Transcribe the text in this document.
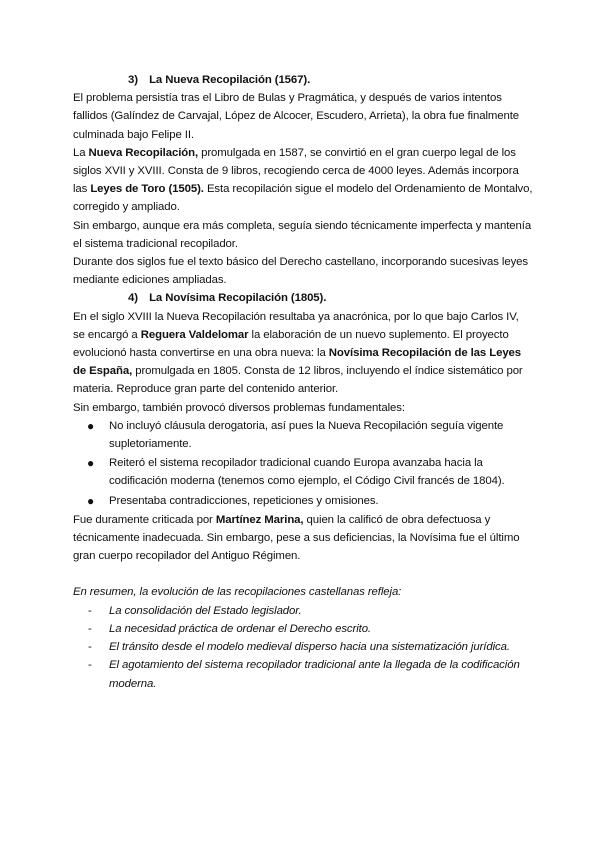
3) La Nueva Recopilación (1567).

El problema persistía tras el Libro de Bulas y Pragmática, y después de varios intentos fallidos (Galíndez de Carvajal, López de Alcocer, Escudero, Arrieta), la obra fue finalmente culminada bajo Felipe II.

La Nueva Recopilación, promulgada en 1587, se convirtió en el gran cuerpo legal de los siglos XVII y XVIII. Consta de 9 libros, recogiendo cerca de 4000 leyes. Además incorpora las Leyes de Toro (1505). Esta recopilación sigue el modelo del Ordenamiento de Montalvo, corregido y ampliado.

Sin embargo, aunque era más completa, seguía siendo técnicamente imperfecta y mantenía el sistema tradicional recopilador.

Durante dos siglos fue el texto básico del Derecho castellano, incorporando sucesivas leyes mediante ediciones ampliadas.

4) La Novísima Recopilación (1805).

En el siglo XVIII la Nueva Recopilación resultaba ya anacrónica, por lo que bajo Carlos IV, se encargó a Reguera Valdelomar la elaboración de un nuevo suplemento. El proyecto evolucionó hasta convertirse en una obra nueva: la Novísima Recopilación de las Leyes de España, promulgada en 1805. Consta de 12 libros, incluyendo el índice sistemático por materia. Reproduce gran parte del contenido anterior.

Sin embargo, también provocó diversos problemas fundamentales:

● No incluyó cláusula derogatoria, así pues la Nueva Recopilación seguía vigente supletoriamente.
● Reiteró el sistema recopilador tradicional cuando Europa avanzaba hacia la codificación moderna (tenemos como ejemplo, el Código Civil francés de 1804).
● Presentaba contradicciones, repeticiones y omisiones.

Fue duramente criticada por Martínez Marina, quien la calificó de obra defectuosa y técnicamente inadecuada. Sin embargo, pese a sus deficiencias, la Novísima fue el último gran cuerpo recopilador del Antiguo Régimen.

En resumen, la evolución de las recopilaciones castellanas refleja:

- La consolidación del Estado legislador.
- La necesidad práctica de ordenar el Derecho escrito.
- El tránsito desde el modelo medieval disperso hacia una sistematización jurídica.
- El agotamiento del sistema recopilador tradicional ante la llegada de la codificación moderna.
